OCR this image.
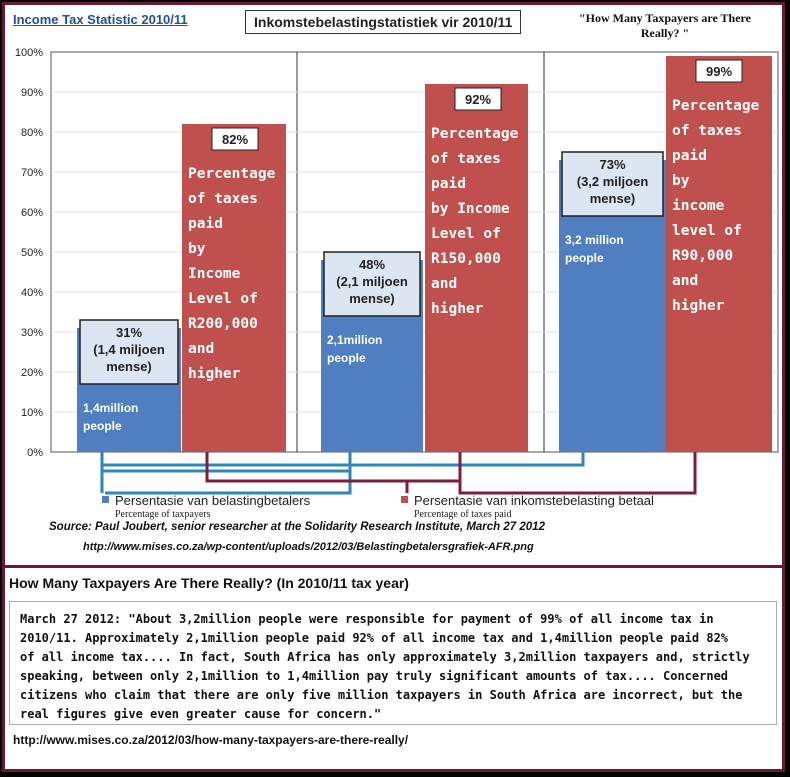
Income Tax Statistic 2010/11	Inkomstebelastingstatistiek vir 2010/11	"How Many Taxpayers are There Really? "
0%
10%
20%
30%
40%
50%
60%
70%
80%
90%
100%
31%
(1,4 miljoen
mense)
1,4million
people
82%
Percentage
of taxes
paid
by
Income
Level of
R200,000
and
higher
48%
(2,1 miljoen
mense)
2,1million
people
92%
Percentage
of taxes
paid
by Income
Level of
R150,000
and
higher
73%
(3,2 miljoen
mense)
3,2 million
people
99%
Percentage
of taxes
paid
by
income
level of
R90,000
and
higher
Persentasie van belastingbetalers
Percentage of taxpayers
Persentasie van inkomstebelasting betaal
Percentage of taxes paid
Source: Paul Joubert, senior researcher at the Solidarity Research Institute, March 27 2012
http://www.mises.co.za/wp-content/uploads/2012/03/Belastingbetalersgrafiek-AFR.png
How Many Taxpayers Are There Really? (In 2010/11 tax year)
March 27 2012: "About 3,2million people were responsible for payment of 99% of all income tax in
2010/11. Approximately 2,1million people paid 92% of all income tax and 1,4million people paid 82%
of all income tax.... In fact, South Africa has only approximately 3,2million taxpayers and, strictly
speaking, between only 2,1million to 1,4million pay truly significant amounts of tax.... Concerned
citizens who claim that there are only five million taxpayers in South Africa are incorrect, but the
real figures give even greater cause for concern."
http://www.mises.co.za/2012/03/how-many-taxpayers-are-there-really/
